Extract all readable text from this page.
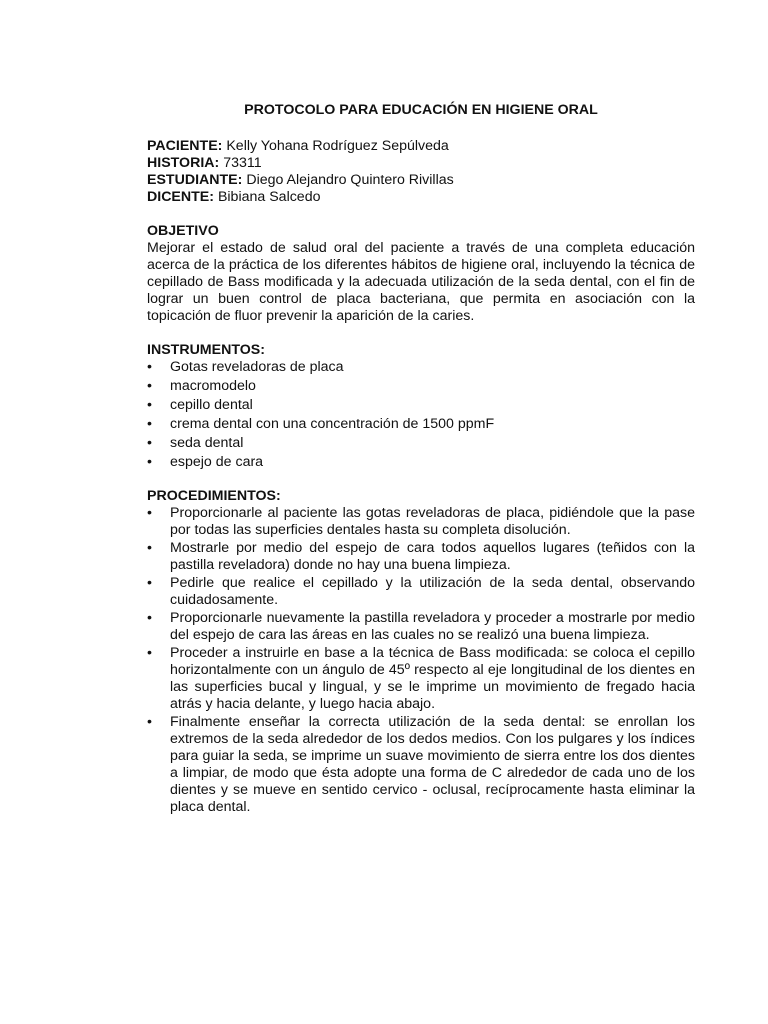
PROTOCOLO PARA EDUCACIÓN EN HIGIENE ORAL

PACIENTE: Kelly Yohana Rodríguez Sepúlveda

HISTORIA: 73311

ESTUDIANTE: Diego Alejandro Quintero Rivillas

DICENTE: Bibiana Salcedo

OBJETIVO

Mejorar el estado de salud oral del paciente a través de una completa educación acerca de la práctica de los diferentes hábitos de higiene oral, incluyendo la técnica de cepillado de Bass modificada y la adecuada utilización de la seda dental, con el fin de lograr un buen control de placa bacteriana, que permita en asociación con la topicación de fluor prevenir la aparición de la caries.

INSTRUMENTOS:

•	Gotas reveladoras de placa
•	macromodelo
•	cepillo dental
•	crema dental con una concentración de 1500 ppmF
•	seda dental
•	espejo de cara

PROCEDIMIENTOS:

•	Proporcionarle al paciente las gotas reveladoras de placa, pidiéndole que la pase por todas las superficies dentales hasta su completa disolución.
•	Mostrarle por medio del espejo de cara todos aquellos lugares (teñidos con la pastilla reveladora) donde no hay una buena limpieza.
•	Pedirle que realice el cepillado y la utilización de la seda dental, observando cuidadosamente.
•	Proporcionarle nuevamente la pastilla reveladora y proceder a mostrarle por medio del espejo de cara las áreas en las cuales no se realizó una buena limpieza.
•	Proceder a instruirle en base a la técnica de Bass modificada: se coloca el cepillo horizontalmente con un ángulo de 45º respecto al eje longitudinal de los dientes en las superficies bucal y lingual, y se le imprime un movimiento de fregado hacia atrás y hacia delante, y luego hacia abajo.
•	Finalmente enseñar la correcta utilización de la seda dental: se enrollan los extremos de la seda alrededor de los dedos medios. Con los pulgares y los índices para guiar la seda, se imprime un suave movimiento de sierra entre los dos dientes a limpiar, de modo que ésta adopte una forma de C alrededor de cada uno de los dientes y se mueve en sentido cervico - oclusal, recíprocamente hasta eliminar la placa dental.
